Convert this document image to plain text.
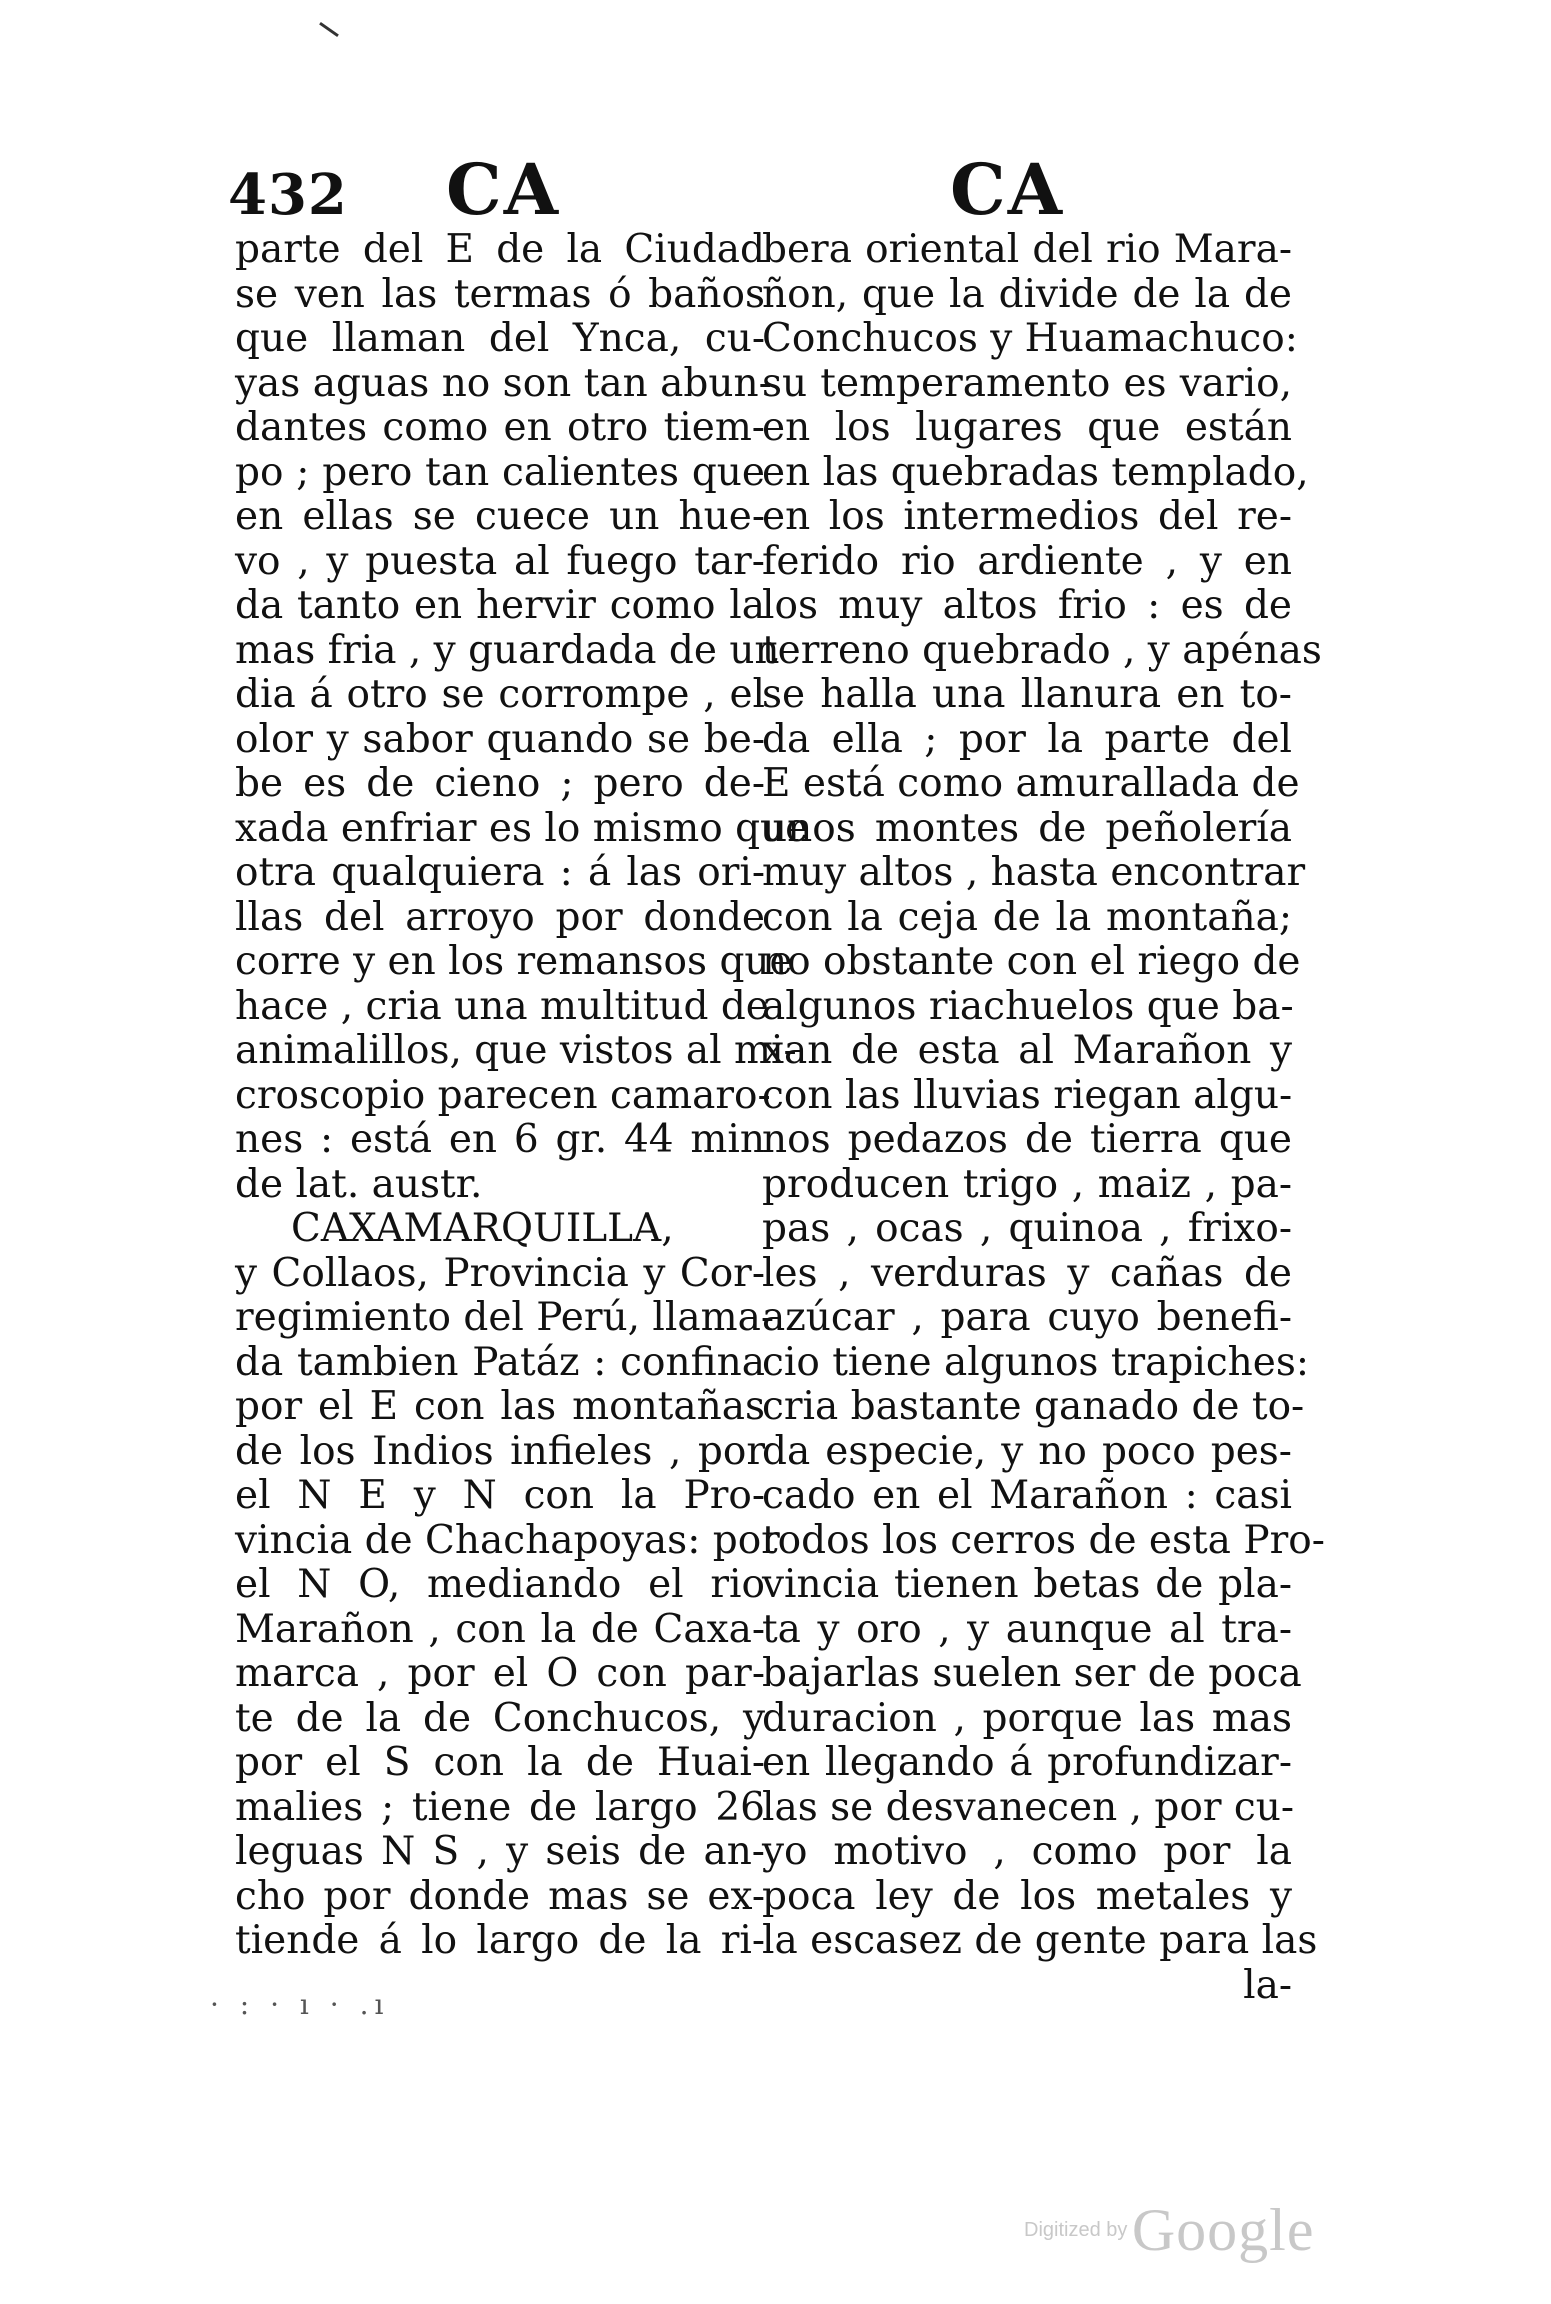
432 CA	CA
parte del E de la Ciudad
se ven las termas ó baños
que llaman del Ynca, cu-
yas aguas no son tan abun-
dantes como en otro tiem-
po ; pero tan calientes que
en ellas se cuece un hue-
vo , y puesta al fuego tar-
da tanto en hervir como la
mas fria , y guardada de un
dia á otro se corrompe , el
olor y sabor quando se be-
be es de cieno ; pero de-
xada enfriar es lo mismo que
otra qualquiera : á las ori-
llas del arroyo por donde
corre y en los remansos que
hace , cria una multitud de
animalillos, que vistos al mi-
croscopio parecen camaro-
nes : está en 6 gr. 44 min
de lat. austr.
CAXAMARQUILLA,
y Collaos, Provincia y Cor-
regimiento del Perú, llama-
da tambien Patáz : confina
por el E con las montañas
de los Indios infieles , por
el N E y N con la Pro-
vincia de Chachapoyas: por
el N O, mediando el rio
Marañon , con la de Caxa-
marca , por el O con par-
te de la de Conchucos, y
por el S con la de Huai-
malies ; tiene de largo 26
leguas N S , y seis de an-
cho por donde mas se ex-
tiende á lo largo de la ri-
bera oriental del rio Mara-
ñon, que la divide de la de
Conchucos y Huamachuco:
su temperamento es vario,
en los lugares que están
en las quebradas templado,
en los intermedios del re-
ferido rio ardiente , y en
los muy altos frio : es de
terreno quebrado , y apénas
se halla una llanura en to-
da ella ; por la parte del
E está como amurallada de
unos montes de peñolería
muy altos , hasta encontrar
con la ceja de la montaña;
no obstante con el riego de
algunos riachuelos que ba-
xan de esta al Marañon y
con las lluvias riegan algu-
nos pedazos de tierra que
producen trigo , maiz , pa-
pas , ocas , quinoa , frixo-
les , verduras y cañas de
azúcar , para cuyo benefi-
cio tiene algunos trapiches:
cria bastante ganado de to-
da especie, y no poco pes-
cado en el Marañon : casi
todos los cerros de esta Pro-
vincia tienen betas de pla-
ta y oro , y aunque al tra-
bajarlas suelen ser de poca
duracion , porque las mas
en llegando á profundizar-
las se desvanecen , por cu-
yo motivo , como por la
poca ley de los metales y
la escasez de gente para las
la-
· : · ı · .ı
Digitized by Google
